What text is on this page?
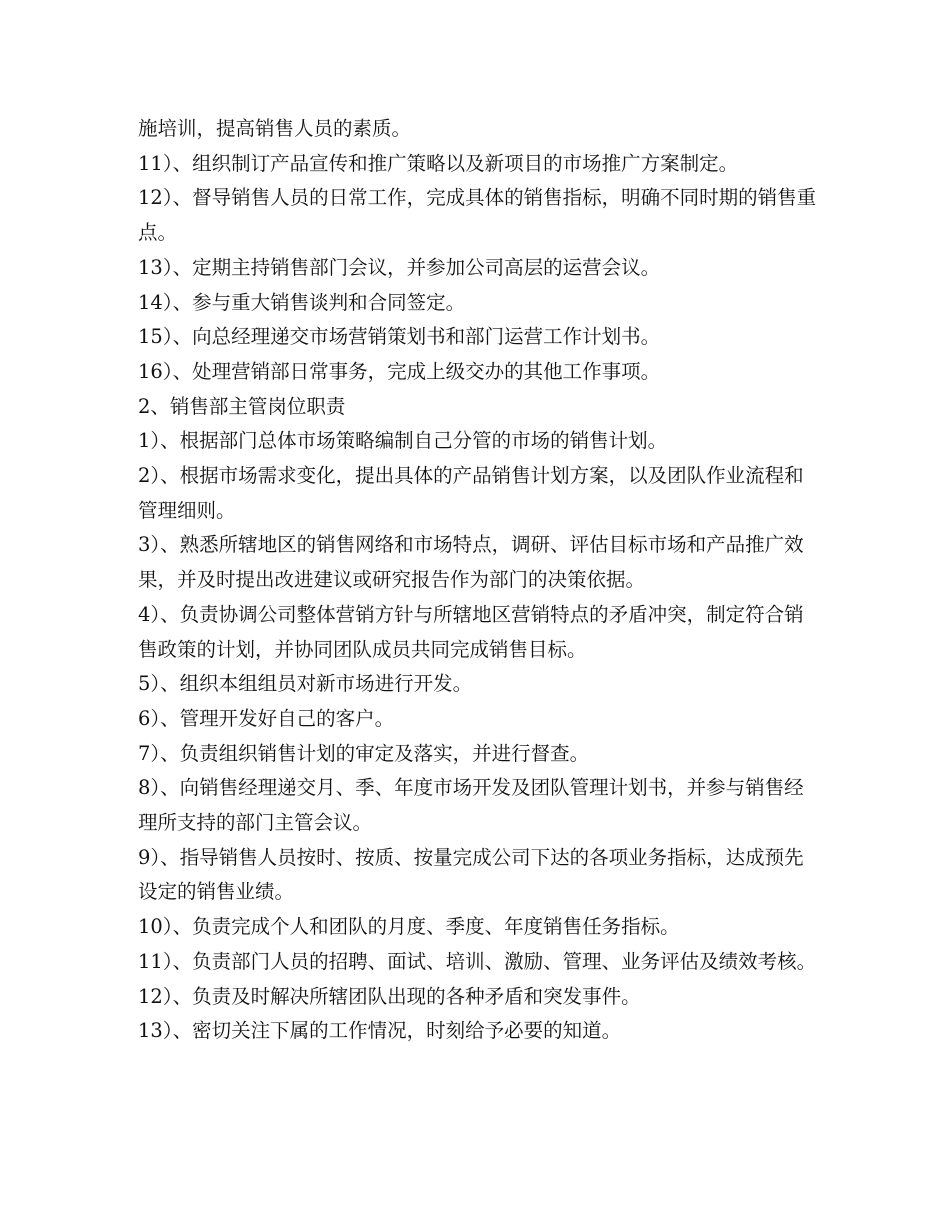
施培训，提高销售人员的素质。

11）、组织制订产品宣传和推广策略以及新项目的市场推广方案制定。

12）、督导销售人员的日常工作，完成具体的销售指标，明确不同时期的销售重点。

13）、定期主持销售部门会议，并参加公司高层的运营会议。

14）、参与重大销售谈判和合同签定。

15）、向总经理递交市场营销策划书和部门运营工作计划书。

16）、处理营销部日常事务，完成上级交办的其他工作事项。

2、销售部主管岗位职责

1）、根据部门总体市场策略编制自己分管的市场的销售计划。

2）、根据市场需求变化，提出具体的产品销售计划方案，以及团队作业流程和管理细则。

3）、熟悉所辖地区的销售网络和市场特点，调研、评估目标市场和产品推广效果，并及时提出改进建议或研究报告作为部门的决策依据。

4）、负责协调公司整体营销方针与所辖地区营销特点的矛盾冲突，制定符合销售政策的计划，并协同团队成员共同完成销售目标。

5）、组织本组组员对新市场进行开发。

6）、管理开发好自己的客户。

7）、负责组织销售计划的审定及落实，并进行督查。

8）、向销售经理递交月、季、年度市场开发及团队管理计划书，并参与销售经理所支持的部门主管会议。

9）、指导销售人员按时、按质、按量完成公司下达的各项业务指标，达成预先设定的销售业绩。

10）、负责完成个人和团队的月度、季度、年度销售任务指标。

11）、负责部门人员的招聘、面试、培训、激励、管理、业务评估及绩效考核。

12）、负责及时解决所辖团队出现的各种矛盾和突发事件。

13）、密切关注下属的工作情况，时刻给予必要的知道。
